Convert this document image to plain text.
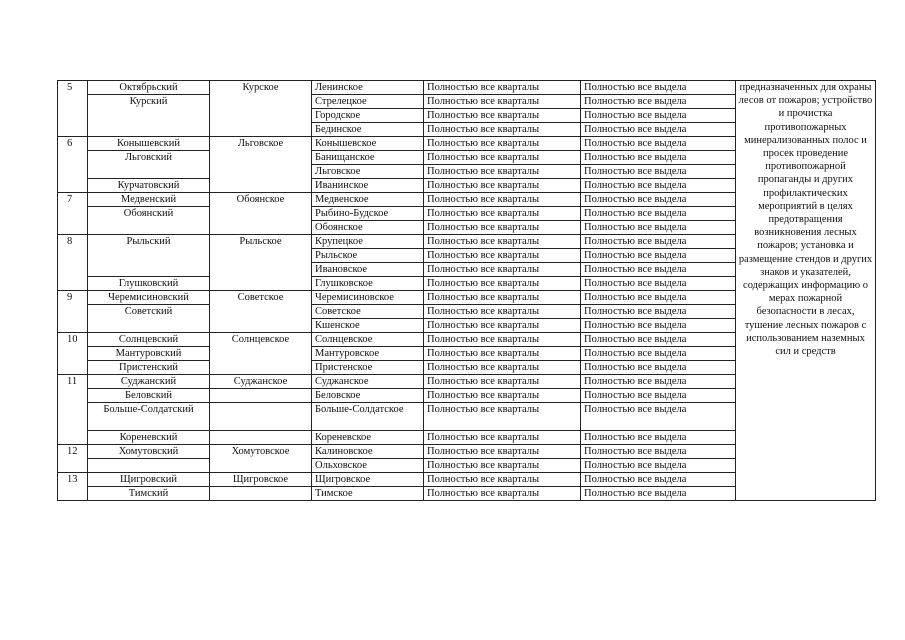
5	Октябрьский	Курское	Ленинское	Полностью все кварталы	Полностью все выдела	предназначенных для охраны лесов от пожаров; устройство и прочистка противопожарных минерализованных полос и просек проведение противопожарной пропаганды и других профилактических мероприятий в целях предотвращения возникновения лесных пожаров; установка и размещение стендов и других знаков и указателей, содержащих информацию о мерах пожарной безопасности в лесах, тушение лесных пожаров с использованием наземных сил и средств
	Курский		Стрелецкое	Полностью все кварталы	Полностью все выдела	
			Городское	Полностью все кварталы	Полностью все выдела	
			Бединское	Полностью все кварталы	Полностью все выдела	
6	Конышевский	Льговское	Конышевское	Полностью все кварталы	Полностью все выдела	
	Льговский		Банищанское	Полностью все кварталы	Полностью все выдела	
			Льговское	Полностью все кварталы	Полностью все выдела	
	Курчатовский		Иванинское	Полностью все кварталы	Полностью все выдела	
7	Медвенский	Обоянское	Медвенское	Полностью все кварталы	Полностью все выдела	
	Обоянский		Рыбино-Будское	Полностью все кварталы	Полностью все выдела	
			Обоянское	Полностью все кварталы	Полностью все выдела	
8	Рыльский	Рыльское	Крупецкое	Полностью все кварталы	Полностью все выдела	
			Рыльское	Полностью все кварталы	Полностью все выдела	
			Ивановское	Полностью все кварталы	Полностью все выдела	
	Глушковский		Глушковское	Полностью все кварталы	Полностью все выдела	
9	Черемисиновский	Советское	Черемисиновское	Полностью все кварталы	Полностью все выдела	
	Советский		Советское	Полностью все кварталы	Полностью все выдела	
			Кшенское	Полностью все кварталы	Полностью все выдела	
10	Солнцевский	Солнцевское	Солнцевское	Полностью все кварталы	Полностью все выдела	
	Мантуровский		Мантуровское	Полностью все кварталы	Полностью все выдела	
	Пристенский		Пристенское	Полностью все кварталы	Полностью все выдела	
11	Суджанский	Суджанское	Суджанское	Полностью все кварталы	Полностью все выдела	
	Беловский		Беловское	Полностью все кварталы	Полностью все выдела	
	Больше-Солдатский		Больше-Солдатское	Полностью все кварталы	Полностью все выдела	
	Кореневский		Кореневское	Полностью все кварталы	Полностью все выдела	
12	Хомутовский	Хомутовское	Калиновское	Полностью все кварталы	Полностью все выдела	
			Ольховское	Полностью все кварталы	Полностью все выдела	
13	Щигровский	Щигровское	Щигровское	Полностью все кварталы	Полностью все выдела	
	Тимский		Тимское	Полностью все кварталы	Полностью все выдела	
